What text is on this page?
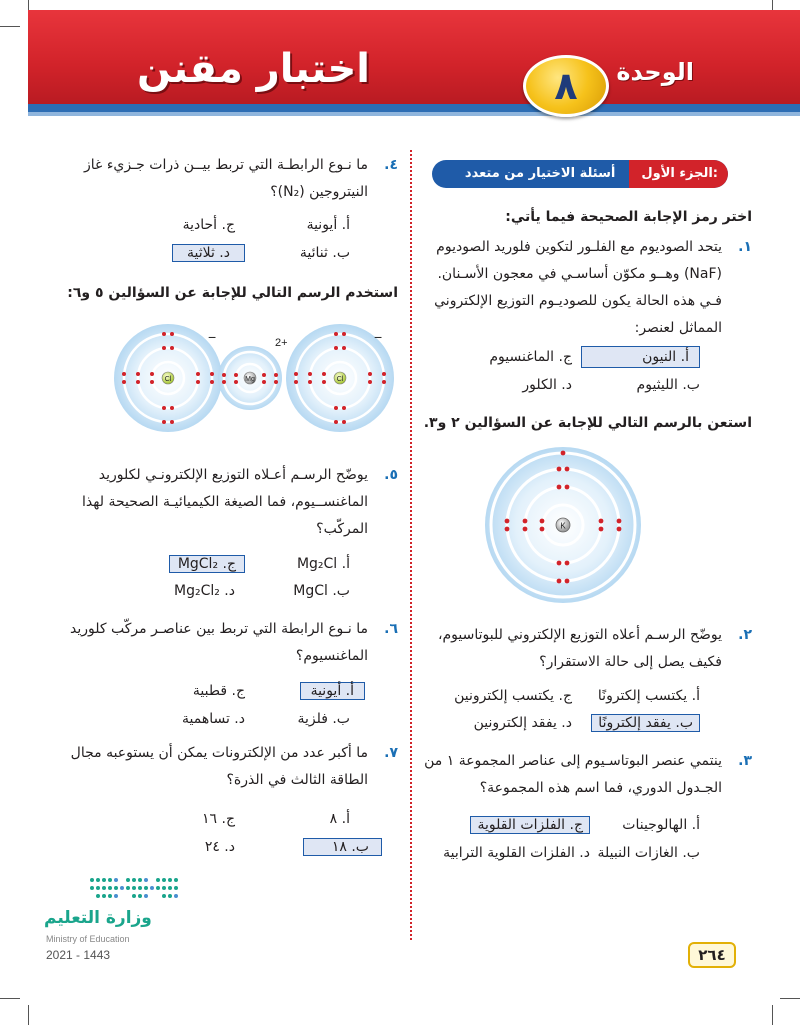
الوحدة
٨
اختبار مقنن
الجزء الأول:
أسئلة الاختيار من متعدد
اختر رمز الإجابة الصحيحة فيما يأتي:
١.
يتحد الصوديوم مع الفلـور لتكوين فلوريد الصوديوم
(NaF) وهــو مكوّن أساسـي في معجون الأسـنان.
فـي هذه الحالة يكون للصوديـوم التوزيع الإلكتروني
المماثل لعنصر:
أ. النيون
ب. الليثيوم
ج. الماغنسيوم
د. الكلور
استعن بالرسم التالي للإجابة عن السؤالين ٢ و٣.
K
٢.
يوضّح الرسـم أعلاه التوزيع الإلكتروني للبوتاسيوم،
فكيف يصل إلى حالة الاستقرار؟
أ. يكتسب إلكترونًا
ب. يفقد إلكترونًا
ج. يكتسب إلكترونين
د. يفقد إلكترونين
٣.
ينتمي عنصر البوتاسـيوم إلى عناصر المجموعة ١ من
الجـدول الدوري، فما اسم هذه المجموعة؟
أ. الهالوجينات
ب. الغازات النبيلة
ج. الفلزات القلوية
د. الفلزات القلوية الترابية
٤.
ما نـوع الرابطـة التي تربط بيــن ذرات جـزيء غاز
النيتروجين (N₂)؟
أ. أيونية
ب. ثنائية
ج. أحادية
د. ثلاثية
استخدم الرسم التالي للإجابة عن السؤالين ٥ و٦:
Cl
−
Mg
2+
Cl
−
٥.
يوضّح الرسـم أعـلاه التوزيع الإلكترونـي لكلوريد
الماغنســيوم، فما الصيغة الكيميائيـة الصحيحة لهذا
المركّب؟
أ. Mg₂Cl
ب. MgCl
ج. MgCl₂
د. Mg₂Cl₂
٦.
ما نـوع الرابطة التي تربط بين عناصـر مركّب كلوريد
الماغنسيوم؟
أ. أيونية
ب. فلزية
ج. قطبية
د. تساهمية
٧.
ما أكبر عدد من الإلكترونات يمكن أن يستوعبه مجال
الطاقة الثالث في الذرة؟
أ. ٨
ب. ١٨
ج. ١٦
د. ٢٤
وزارة التعليم
Ministry of Education
2021 - 1443	٢٦٤
